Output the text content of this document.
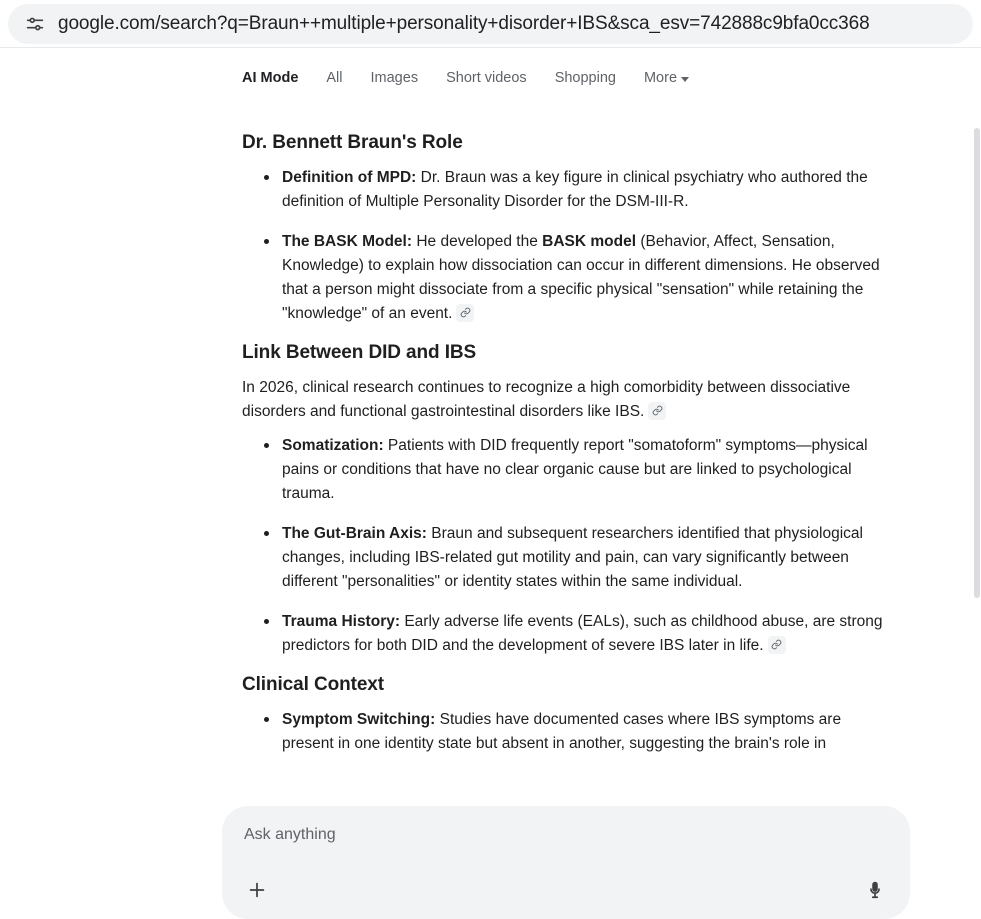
google.com/search?q=Braun++multiple+personality+disorder+IBS&sca_esv=742888c9bfa0cc368
AI Mode All Images Short videos Shopping More
Dr. Bennett Braun's Role
Definition of MPD: Dr. Braun was a key figure in clinical psychiatry who authored the definition of Multiple Personality Disorder for the DSM-III-R.
The BASK Model: He developed the BASK model (Behavior, Affect, Sensation, Knowledge) to explain how dissociation can occur in different dimensions. He observed that a person might dissociate from a specific physical "sensation" while retaining the "knowledge" of an event.
Link Between DID and IBS

In 2026, clinical research continues to recognize a high comorbidity between dissociative disorders and functional gastrointestinal disorders like IBS.

Somatization: Patients with DID frequently report "somatoform" symptoms—physical pains or conditions that have no clear organic cause but are linked to psychological trauma.
The Gut-Brain Axis: Braun and subsequent researchers identified that physiological changes, including IBS-related gut motility and pain, can vary significantly between different "personalities" or identity states within the same individual.
Trauma History: Early adverse life events (EALs), such as childhood abuse, are strong predictors for both DID and the development of severe IBS later in life.
Clinical Context
Symptom Switching: Studies have documented cases where IBS symptoms are present in one identity state but absent in another, suggesting the brain's role in
Ask anything
